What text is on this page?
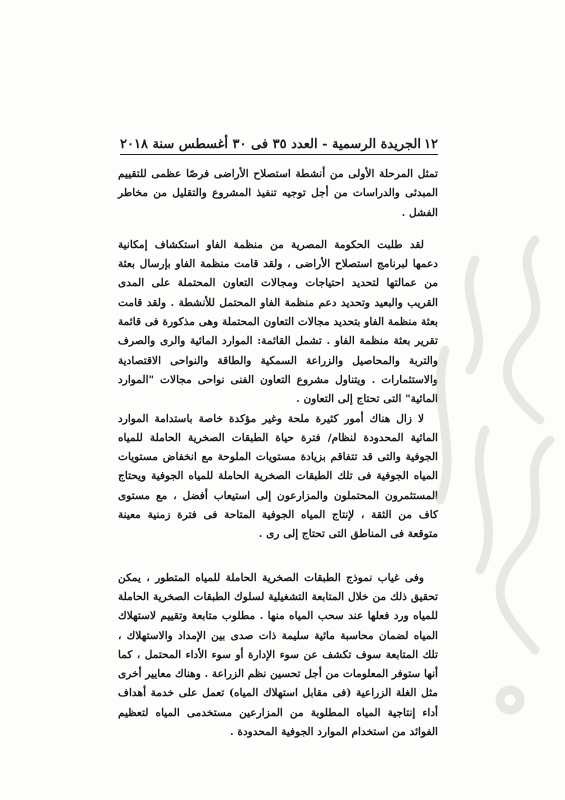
١٢
الجريدة الرسمية - العدد ٣٥ فى ٣٠ أغسطس سنة ٢٠١٨

تمثل المرحلة الأولى من أنشطة استصلاح الأراضى فرصًا عظمى للتقييم المبدئى والدراسات من أجل توجيه تنفيذ المشروع والتقليل من مخاطر الفشل .

لقد طلبت الحكومة المصرية من منظمة الفاو استكشاف إمكانية دعمها لبرنامج استصلاح الأراضى ، ولقد قامت منظمة الفاو بإرسال بعثة من عمالتها لتحديد احتياجات ومجالات التعاون المحتملة على المدى القريب والبعيد وتحديد دعم منظمة الفاو المحتمل للأنشطة . ولقد قامت بعثة منظمة الفاو بتحديد مجالات التعاون المحتملة وهى مذكورة فى قائمة تقرير بعثة منظمة الفاو . تشمل القائمة: الموارد المائية والرى والصرف والتربة والمحاصيل والزراعة السمكية والطاقة والنواحى الاقتصادية والاستثمارات . ويتناول مشروع التعاون الفنى نواحى مجالات "الموارد المائية" التى تحتاج إلى التعاون .

لا زال هناك أمور كثيرة ملحة وغير مؤكدة خاصة باستدامة الموارد المائية المحدودة لنظام/ فترة حياة الطبقات الصخرية الحاملة للمياه الجوفية والتى قد تتفاقم بزيادة مستويات الملوحة مع انخفاض مستويات المياه الجوفية فى تلك الطبقات الصخرية الحاملة للمياه الجوفية ويحتاج المستثمرون المحتملون والمزارعون إلى استيعاب أفضل ، مع مستوى كاف من الثقة ، لإنتاج المياه الجوفية المتاحة فى فترة زمنية معينة متوقعة فى المناطق التى تحتاج إلى رى .

وفى غياب نموذج الطبقات الصخرية الحاملة للمياه المتطور ، يمكن تحقيق ذلك من خلال المتابعة التشغيلية لسلوك الطبقات الصخرية الحاملة للمياه ورد فعلها عند سحب المياه منها . مطلوب متابعة وتقييم لاستهلاك المياه لضمان محاسبة مائية سليمة ذات صدى بين الإمداد والاستهلاك ، تلك المتابعة سوف تكشف عن سوء الإدارة أو سوء الأداء المحتمل ، كما أنها ستوفر المعلومات من أجل تحسين نظم الزراعة . وهناك معايير أخرى مثل الغلة الزراعية (فى مقابل استهلاك المياه) تعمل على خدمة أهداف أداء إنتاجية المياه المطلوبة من المزارعين مستخدمى المياه لتعظيم الفوائد من استخدام الموارد الجوفية المحدودة .
